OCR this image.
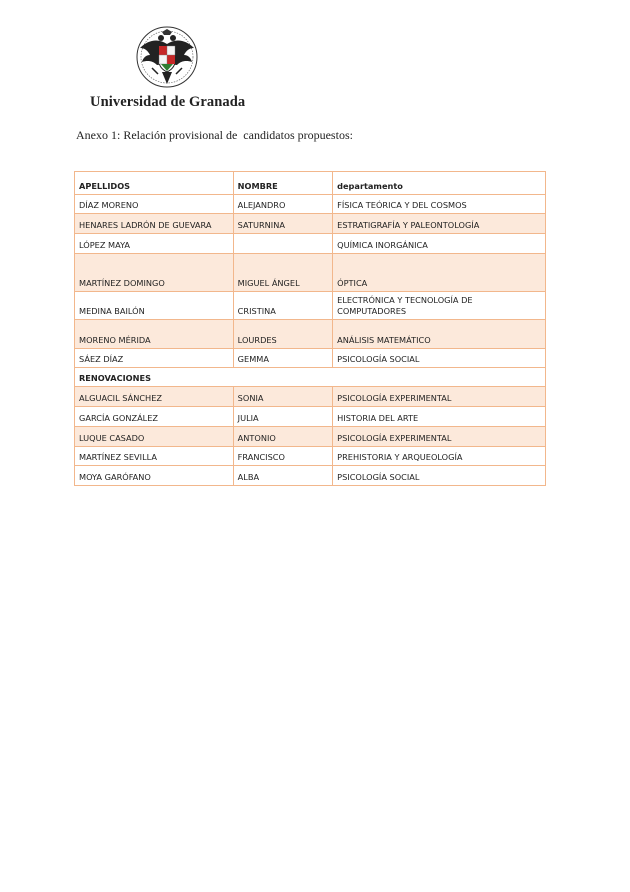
Universidad de Granada
Anexo 1: Relación provisional de  candidatos propuestos:
APELLIDOS	NOMBRE	departamento
DÍAZ MORENO	ALEJANDRO	FÍSICA TEÓRICA Y DEL COSMOS
HENARES LADRÓN DE GUEVARA	SATURNINA	ESTRATIGRAFÍA Y PALEONTOLOGÍA
LÓPEZ MAYA		QUÍMICA INORGÁNICA
MARTÍNEZ DOMINGO	MIGUEL ÁNGEL	ÓPTICA
MEDINA BAILÓN	CRISTINA	ELECTRÓNICA Y TECNOLOGÍA DE COMPUTADORES
MORENO MÉRIDA	LOURDES	ANÁLISIS MATEMÁTICO
SÁEZ DÍAZ	GEMMA	PSICOLOGÍA SOCIAL
RENOVACIONES		
ALGUACIL SÁNCHEZ	SONIA	PSICOLOGÍA EXPERIMENTAL
GARCÍA GONZÁLEZ	JULIA	HISTORIA DEL ARTE
LUQUE CASADO	ANTONIO	PSICOLOGÍA EXPERIMENTAL
MARTÍNEZ SEVILLA	FRANCISCO	PREHISTORIA Y ARQUEOLOGÍA
MOYA GARÓFANO	ALBA	PSICOLOGÍA SOCIAL
